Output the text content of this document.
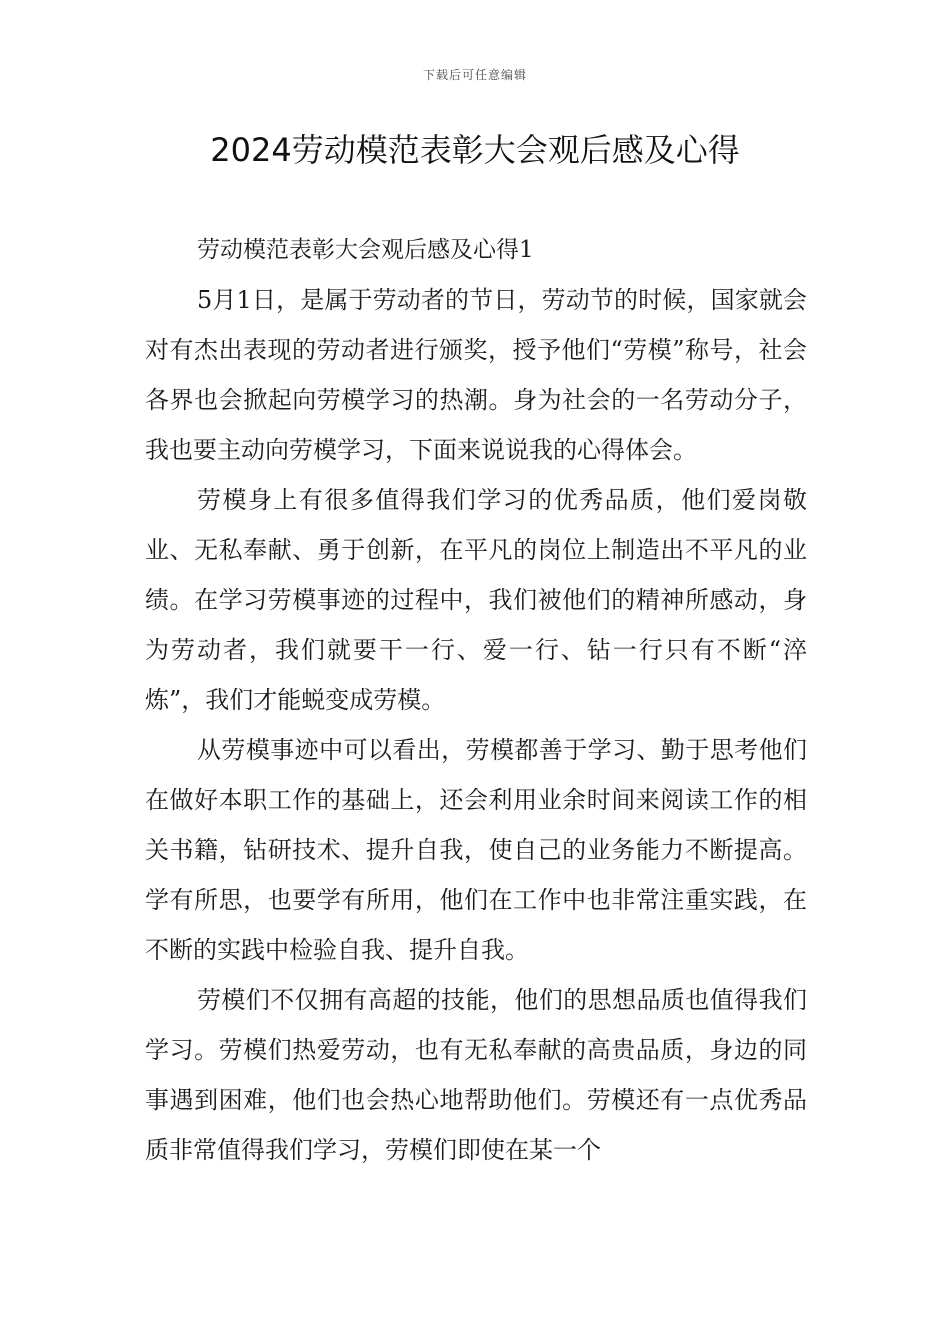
下载后可任意编辑
2024劳动模范表彰大会观后感及心得

劳动模范表彰大会观后感及心得1

5月1日，是属于劳动者的节日，劳动节的时候，国家就会对有杰出表现的劳动者进行颁奖，授予他们“劳模”称号，社会各界也会掀起向劳模学习的热潮。身为社会的一名劳动分子，我也要主动向劳模学习，下面来说说我的心得体会。

劳模身上有很多值得我们学习的优秀品质，他们爱岗敬业、无私奉献、勇于创新，在平凡的岗位上制造出不平凡的业绩。在学习劳模事迹的过程中，我们被他们的精神所感动，身为劳动者，我们就要干一行、爱一行、钻一行只有不断“淬炼”，我们才能蜕变成劳模。

从劳模事迹中可以看出，劳模都善于学习、勤于思考他们在做好本职工作的基础上，还会利用业余时间来阅读工作的相关书籍，钻研技术、提升自我，使自己的业务能力不断提高。学有所思，也要学有所用，他们在工作中也非常注重实践，在不断的实践中检验自我、提升自我。

劳模们不仅拥有高超的技能，他们的思想品质也值得我们学习。劳模们热爱劳动，也有无私奉献的高贵品质，身边的同事遇到困难，他们也会热心地帮助他们。劳模还有一点优秀品质非常值得我们学习，劳模们即使在某一个
